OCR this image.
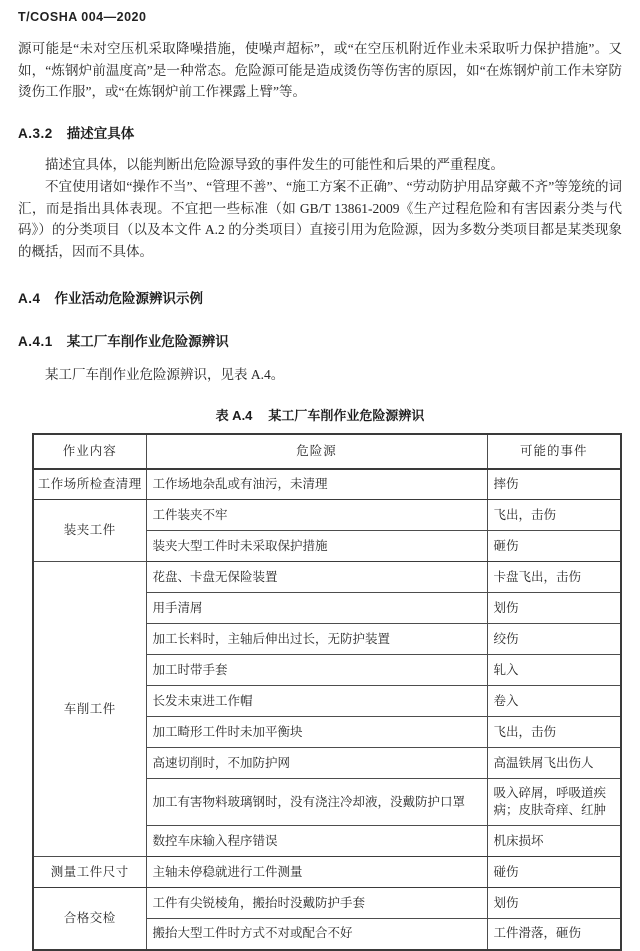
T/COSHA 004—2020

源可能是“未对空压机采取降噪措施，使噪声超标”，或“在空压机附近作业未采取听力保护措施”。又如，“炼钢炉前温度高”是一种常态。危险源可能是造成烫伤等伤害的原因，如“在炼钢炉前工作未穿防烫伤工作服”，或“在炼钢炉前工作裸露上臂”等。

A.3.2 描述宜具体

描述宜具体，以能判断出危险源导致的事件发生的可能性和后果的严重程度。

不宜使用诸如“操作不当”、“管理不善”、“施工方案不正确”、“劳动防护用品穿戴不齐”等笼统的词汇，而是指出具体表现。不宜把一些标准（如 GB/T 13861-2009《生产过程危险和有害因素分类与代码》）的分类项目（以及本文件 A.2 的分类项目）直接引用为危险源，因为多数分类项目都是某类现象的概括，因而不具体。

A.4 作业活动危险源辨识示例
A.4.1 某工厂车削作业危险源辨识

某工厂车削作业危险源辨识，见表 A.4。

表 A.4 某工厂车削作业危险源辨识
作业内容	危险源	可能的事件
工作场所检查清理	工作场地杂乱或有油污，未清理	摔伤
装夹工件	工件装夹不牢	飞出，击伤
	装夹大型工件时未采取保护措施	砸伤
车削工件	花盘、卡盘无保险装置	卡盘飞出，击伤
	用手清屑	划伤
	加工长料时，主轴后伸出过长，无防护装置	绞伤
	加工时带手套	轧入
	长发未束进工作帽	卷入
	加工畸形工件时未加平衡块	飞出，击伤
	高速切削时，不加防护网	高温铁屑飞出伤人
	加工有害物料玻璃钢时，没有浇注冷却液，没戴防护口罩	吸入碎屑，呼吸道疾病；皮肤奇痒、红肿
	数控车床输入程序错误	机床损坏
测量工件尺寸	主轴未停稳就进行工件测量	碰伤
合格交检	工件有尖锐棱角，搬抬时没戴防护手套	划伤
	搬抬大型工件时方式不对或配合不好	工件滑落，砸伤
